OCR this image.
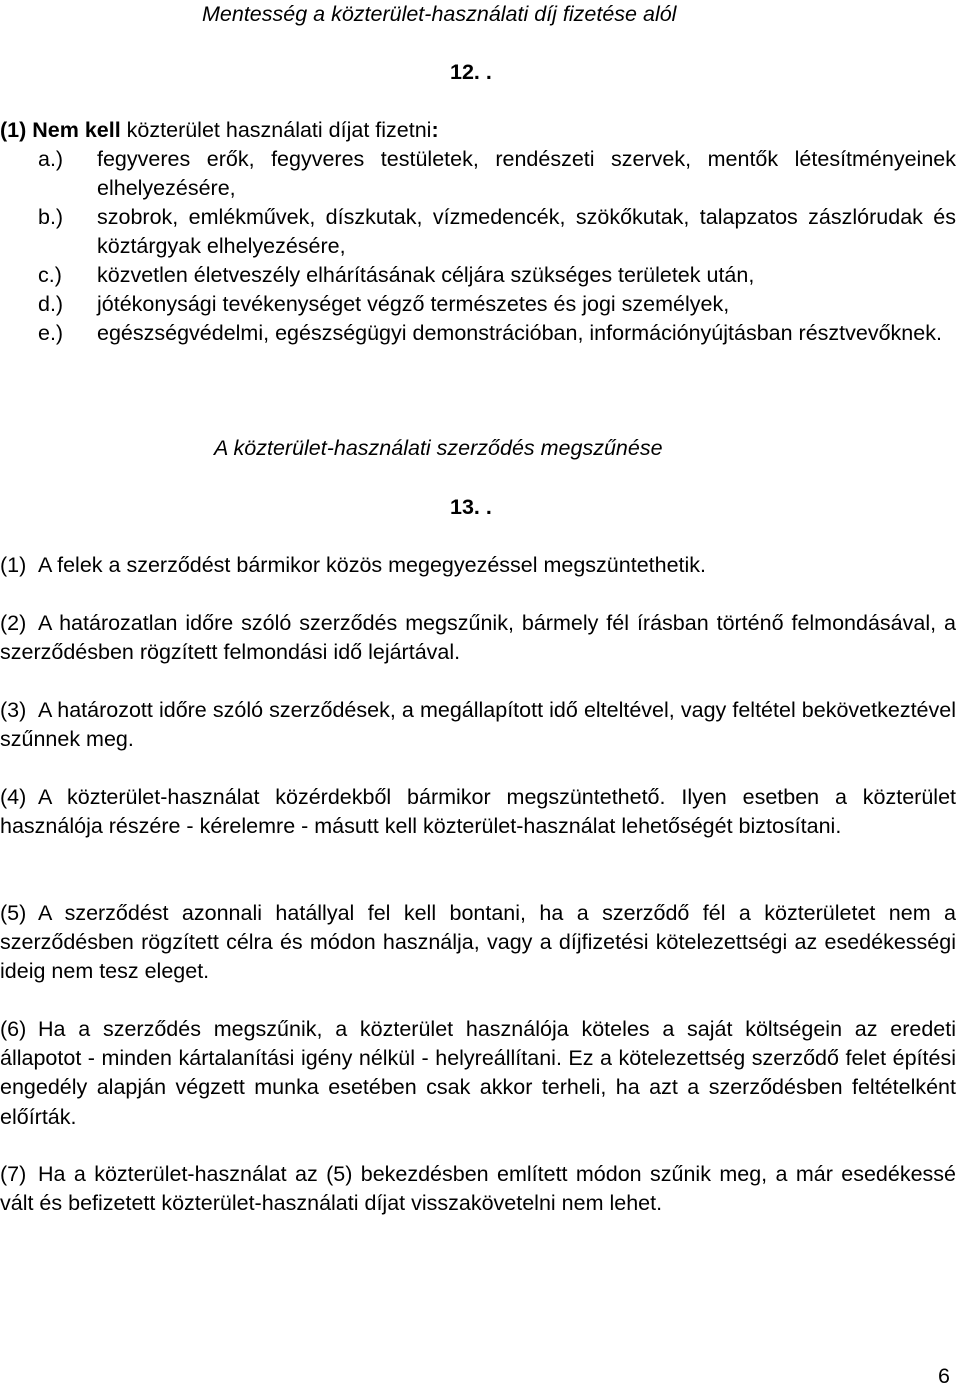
Mentesség a közterület-használati díj fizetése alól
12. .
(1) Nem kell közterület használati díjat fizetni:
a.) fegyveres erők, fegyveres testületek, rendészeti szervek, mentők létesítményeinek elhelyezésére,
b.) szobrok, emlékművek, díszkutak, vízmedencék, szökőkutak, talapzatos zászlórudak és köztárgyak elhelyezésére,
c.) közvetlen életveszély elhárításának céljára szükséges területek után,
d.) jótékonysági tevékenységet végző természetes és jogi személyek,
e.) egészségvédelmi, egészségügyi demonstrációban, információnyújtásban résztvevőknek.
A közterület-használati szerződés megszűnése
13. .
(1) A felek a szerződést bármikor közös megegyezéssel megszüntethetik.
(2) A határozatlan időre szóló szerződés megszűnik, bármely fél írásban történő felmondásával, a szerződésben rögzített felmondási idő lejártával.
(3) A határozott időre szóló szerződések, a megállapított idő elteltével, vagy feltétel bekövetkeztével szűnnek meg.
(4) A közterület-használat közérdekből bármikor megszüntethető. Ilyen esetben a közterület használója részére - kérelemre - másutt kell közterület-használat lehetőségét biztosítani.
(5) A szerződést azonnali hatállyal fel kell bontani, ha a szerződő fél a közterületet nem a szerződésben rögzített célra és módon használja, vagy a díjfizetési kötelezettségi az esedékességi ideig nem tesz eleget.
(6) Ha a szerződés megszűnik, a közterület használója köteles a saját költségein az eredeti állapotot - minden kártalanítási igény nélkül - helyreállítani. Ez a kötelezettség szerződő felet építési engedély alapján végzett munka esetében csak akkor terheli, ha azt a szerződésben feltételként előírták.
(7) Ha a közterület-használat az (5) bekezdésben említett módon szűnik meg, a már esedékessé vált és befizetett közterület-használati díjat visszakövetelni nem lehet.
6
